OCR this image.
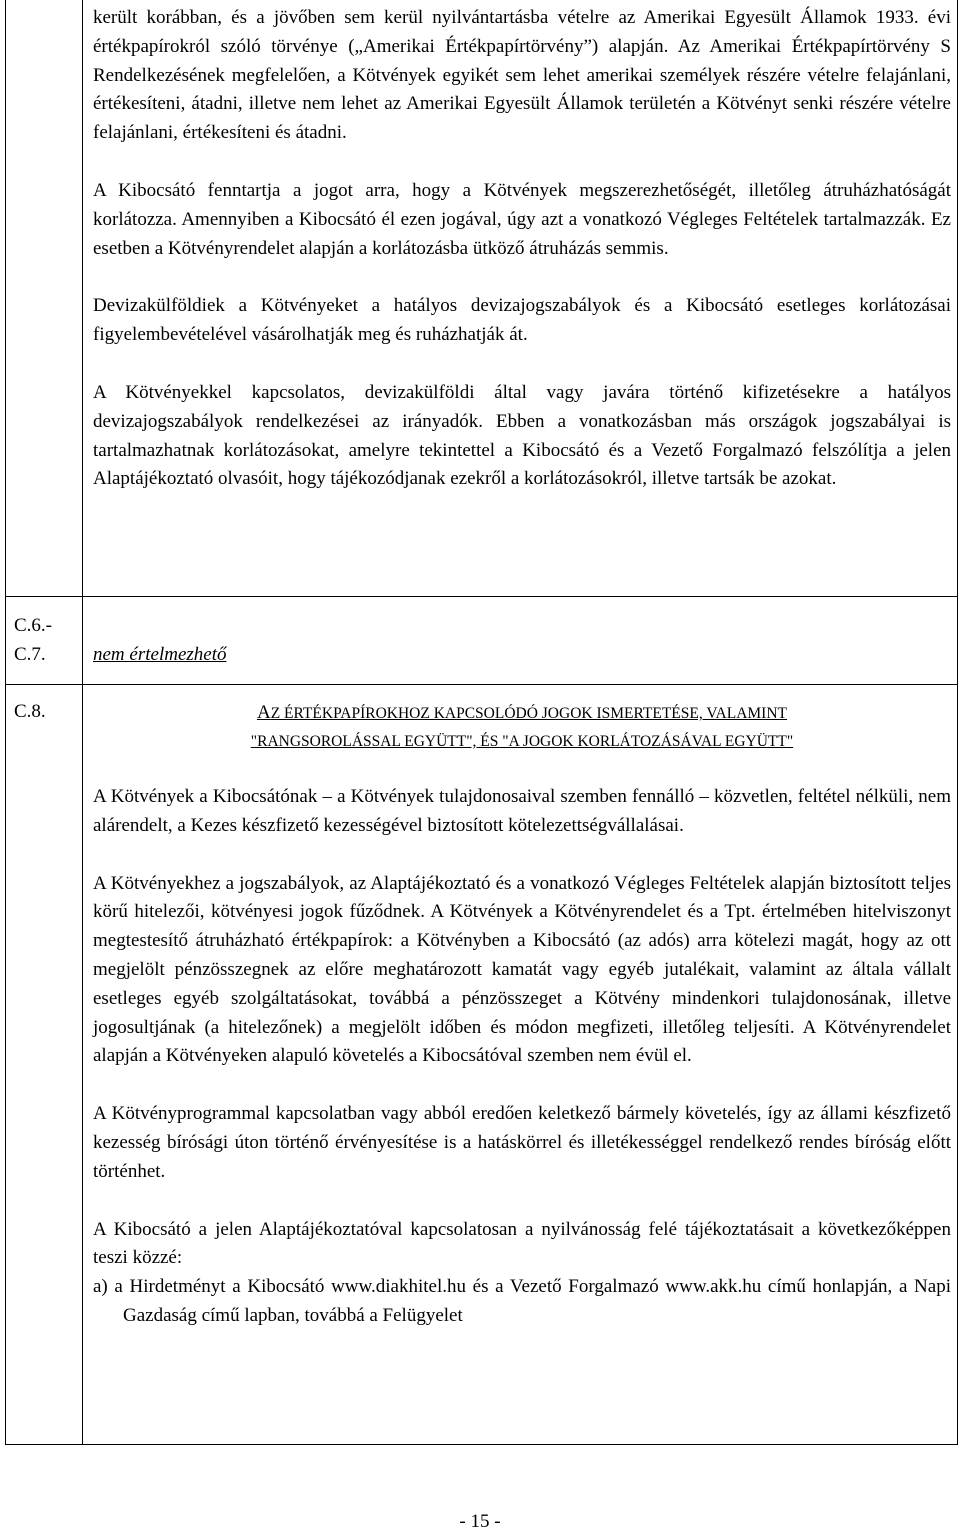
került korábban, és a jövőben sem kerül nyilvántartásba vételre az Amerikai Egyesült Államok 1933. évi értékpapírokról szóló törvénye („Amerikai Értékpapírtörvény”) alapján. Az Amerikai Értékpapírtörvény S Rendelkezésének megfelelően, a Kötvények egyikét sem lehet amerikai személyek részére vételre felajánlani, értékesíteni, átadni, illetve nem lehet az Amerikai Egyesült Államok területén a Kötvényt senki részére vételre felajánlani, értékesíteni és átadni.

A Kibocsátó fenntartja a jogot arra, hogy a Kötvények megszerezhetőségét, illetőleg átruházhatóságát korlátozza. Amennyiben a Kibocsátó él ezen jogával, úgy azt a vonatkozó Végleges Feltételek tartalmazzák. Ez esetben a Kötvényrendelet alapján a korlátozásba ütköző átruházás semmis.

Devizakülföldiek a Kötvényeket a hatályos devizajogszabályok és a Kibocsátó esetleges korlátozásai figyelembevételével vásárolhatják meg és ruházhatják át.

A Kötvényekkel kapcsolatos, devizakülföldi által vagy javára történő kifizetésekre a hatályos devizajogszabályok rendelkezései az irányadók. Ebben a vonatkozásban más országok jogszabályai is tartalmazhatnak korlátozásokat, amelyre tekintettel a Kibocsátó és a Vezető Forgalmazó felszólítja a jelen Alaptájékoztató olvasóit, hogy tájékozódjanak ezekről a korlátozásokról, illetve tartsák be azokat.

C.6.-
C.7.	nem értelmezhető
C.8.	AZ ÉRTÉKPAPÍROKHOZ KAPCSOLÓDÓ JOGOK ISMERTETÉSE, VALAMINT
"RANGSOROLÁSSAL EGYÜTT", ÉS "A JOGOK KORLÁTOZÁSÁVAL EGYÜTT"

A Kötvények a Kibocsátónak – a Kötvények tulajdonosaival szemben fennálló – közvetlen, feltétel nélküli, nem alárendelt, a Kezes készfizető kezességével biztosított kötelezettségvállalásai.

A Kötvényekhez a jogszabályok, az Alaptájékoztató és a vonatkozó Végleges Feltételek alapján biztosított teljes körű hitelezői, kötvényesi jogok fűződnek. A Kötvények a Kötvényrendelet és a Tpt. értelmében hitelviszonyt megtestesítő átruházható értékpapírok: a Kötvényben a Kibocsátó (az adós) arra kötelezi magát, hogy az ott megjelölt pénzösszegnek az előre meghatározott kamatát vagy egyéb jutalékait, valamint az általa vállalt esetleges egyéb szolgáltatásokat, továbbá a pénzösszeget a Kötvény mindenkori tulajdonosának, illetve jogosultjának (a hitelezőnek) a megjelölt időben és módon megfizeti, illetőleg teljesíti. A Kötvényrendelet alapján a Kötvényeken alapuló követelés a Kibocsátóval szemben nem évül el.

A Kötvényprogrammal kapcsolatban vagy abból eredően keletkező bármely követelés, így az állami készfizető kezesség bírósági úton történő érvényesítése is a hatáskörrel és illetékességgel rendelkező rendes bíróság előtt történhet.

A Kibocsátó a jelen Alaptájékoztatóval kapcsolatosan a nyilvánosság felé tájékoztatásait a következőképpen teszi közzé:

a) a Hirdetményt a Kibocsátó www.diakhitel.hu és a Vezető Forgalmazó www.akk.hu című honlapján, a Napi Gazdaság című lapban, továbbá a Felügyelet

- 15 -
